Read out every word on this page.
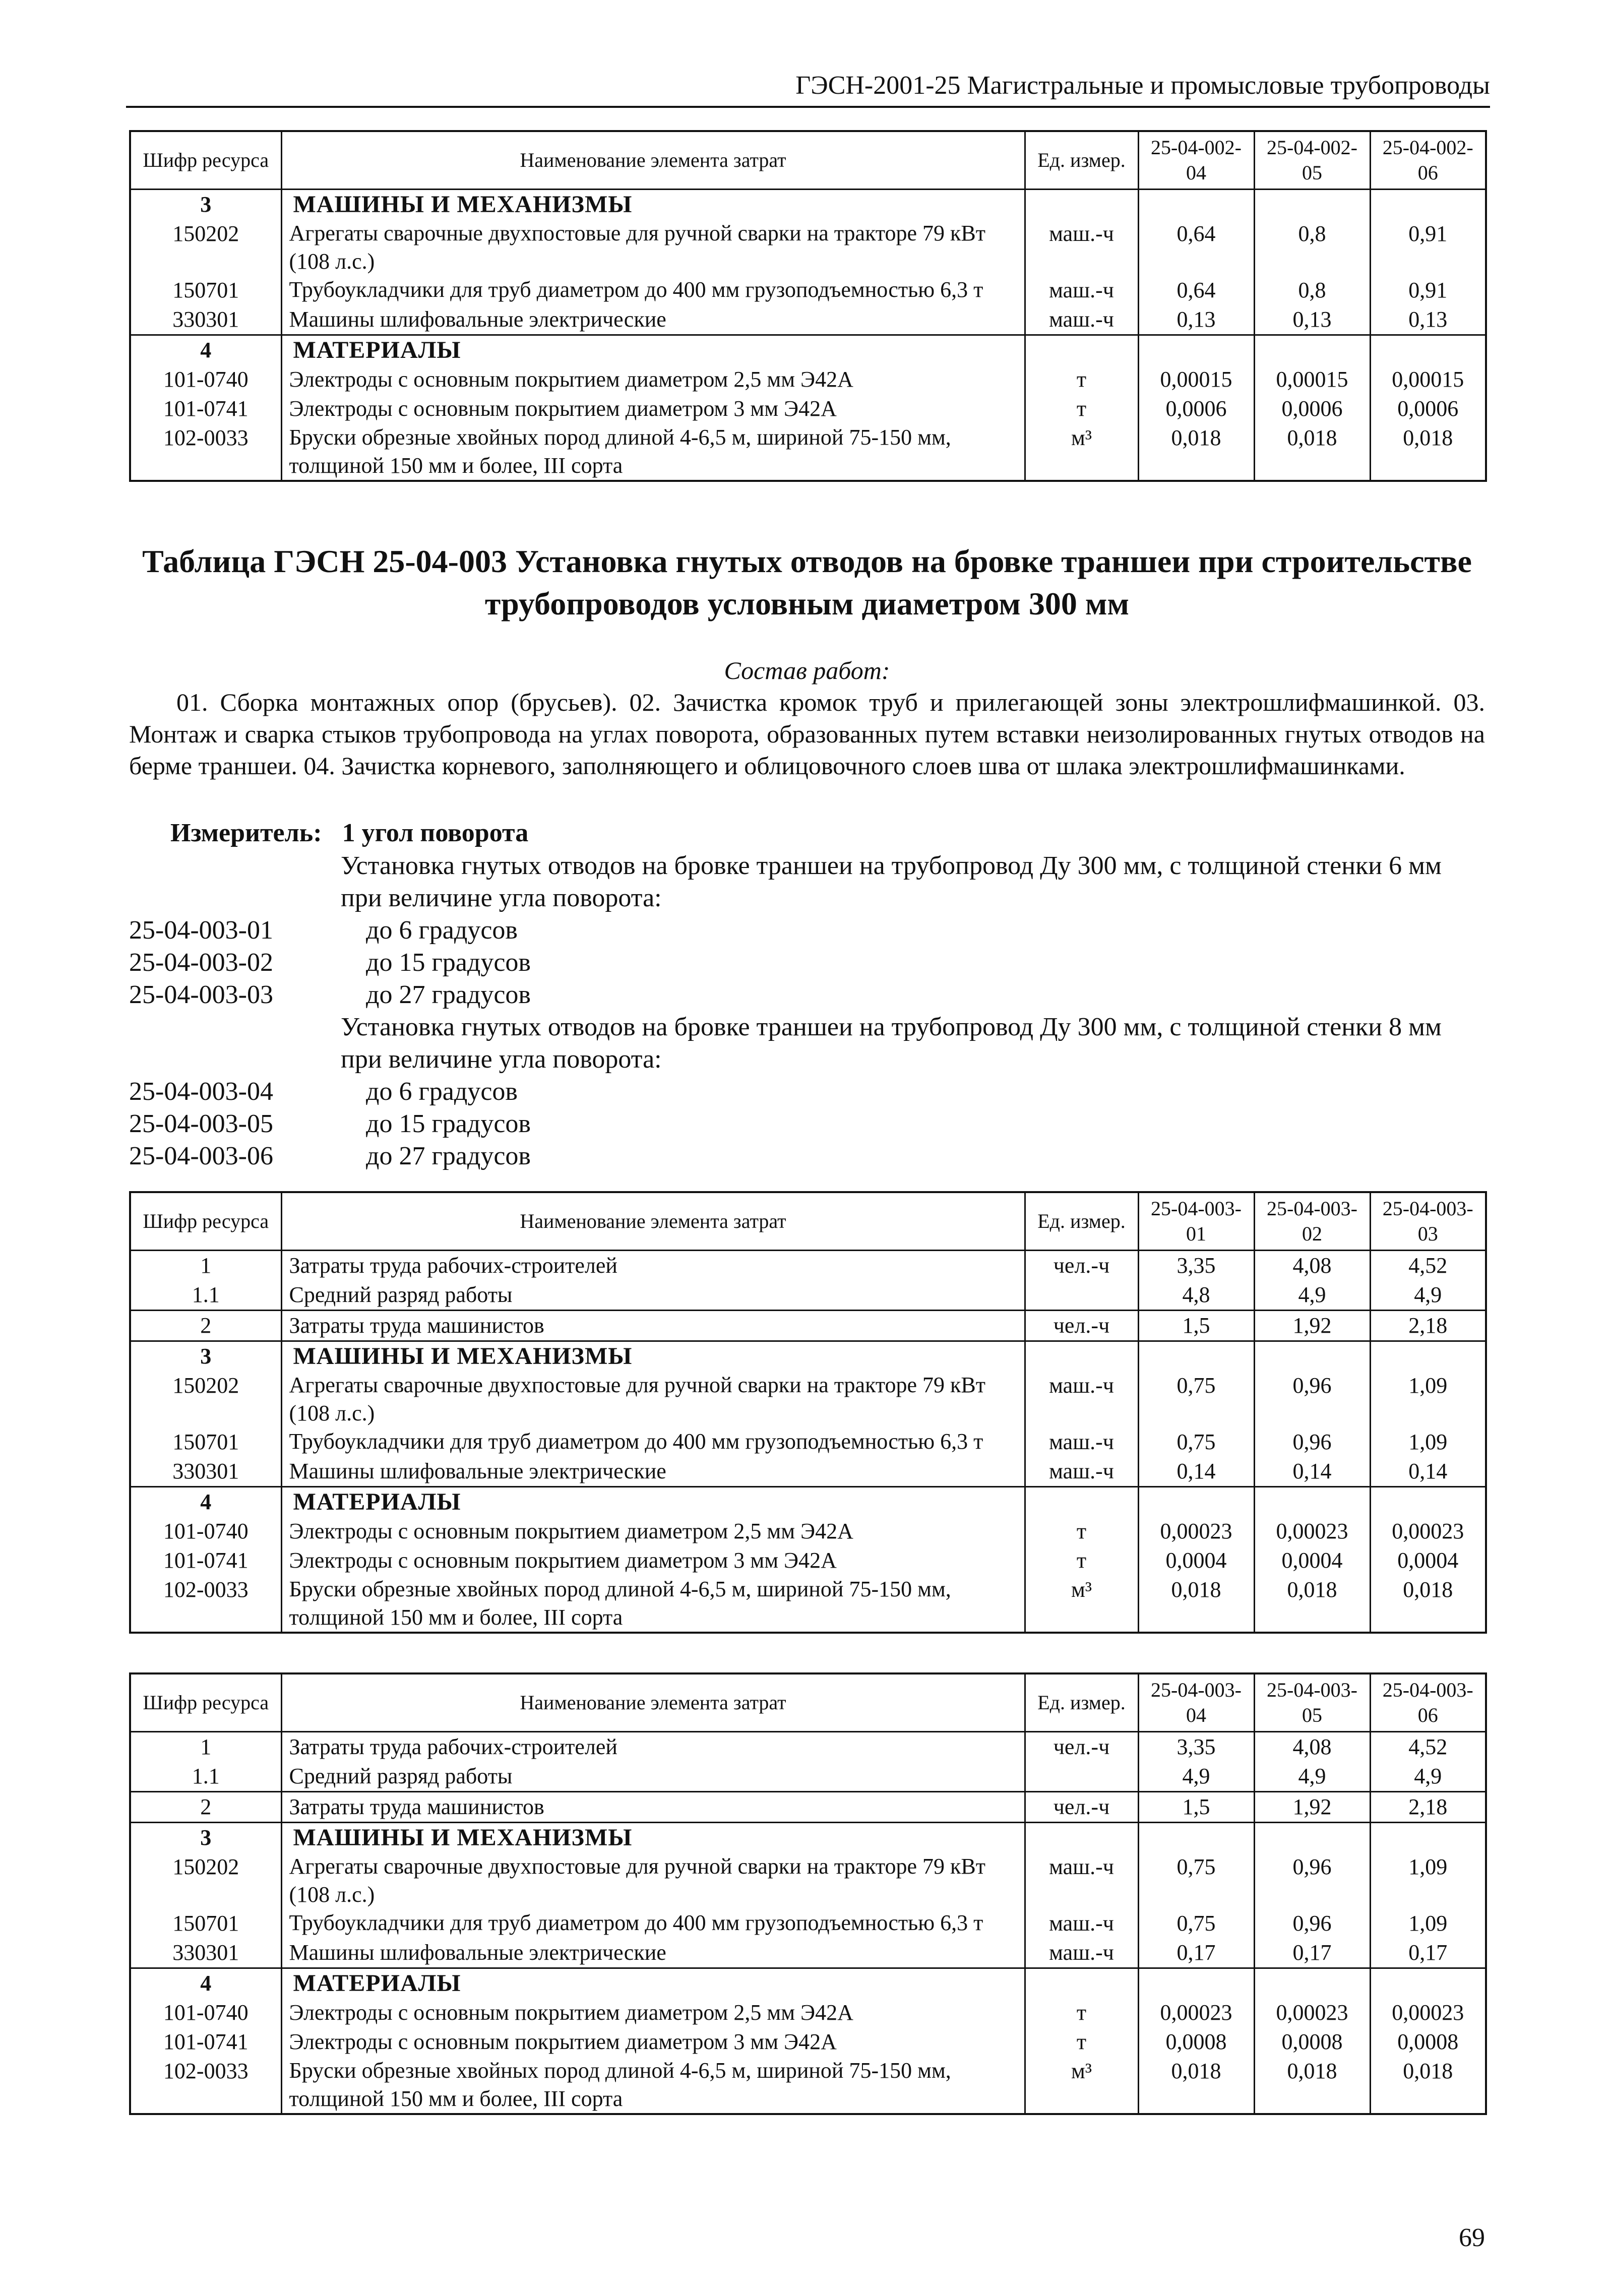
ГЭСН-2001-25 Магистральные и промысловые трубопроводы
Шифр ресурса	Наименование элемента затрат	Ед. измер.	25-04-002-04	25-04-002-05	25-04-002-06
3	МАШИНЫ И МЕХАНИЗМЫ				
150202	Агрегаты сварочные двухпостовые для ручной сварки на тракторе 79 кВт (108 л.с.)	маш.-ч	0,64	0,8	0,91
150701	Трубоукладчики для труб диаметром до 400 мм грузоподъемностью 6,3 т	маш.-ч	0,64	0,8	0,91
330301	Машины шлифовальные электрические	маш.-ч	0,13	0,13	0,13
4	МАТЕРИАЛЫ				
101-0740	Электроды с основным покрытием диаметром 2,5 мм Э42А	т	0,00015	0,00015	0,00015
101-0741	Электроды с основным покрытием диаметром 3 мм Э42А	т	0,0006	0,0006	0,0006
102-0033	Бруски обрезные хвойных пород длиной 4-6,5 м, шириной 75-150 мм, толщиной 150 мм и более, III сорта	м³	0,018	0,018	0,018
Таблица ГЭСН 25-04-003 Установка гнутых отводов на бровке траншеи при строительстве трубопроводов условным диаметром 300 мм
Состав работ:
01. Сборка монтажных опор (брусьев). 02. Зачистка кромок труб и прилегающей зоны электрошлифмашинкой. 03. Монтаж и сварка стыков трубопровода на углах поворота, образованных путем вставки неизолированных гнутых отводов на берме траншеи. 04. Зачистка корневого, заполняющего и облицовочного слоев шва от шлака электрошлифмашинками.
Измеритель: 1 угол поворота
Установка гнутых отводов на бровке траншеи на трубопровод Ду 300 мм, с толщиной стенки 6 мм при величине угла поворота:
25-04-003-01	до 6 градусов
25-04-003-02	до 15 градусов
25-04-003-03	до 27 градусов
Установка гнутых отводов на бровке траншеи на трубопровод Ду 300 мм, с толщиной стенки 8 мм при величине угла поворота:
25-04-003-04	до 6 градусов
25-04-003-05	до 15 градусов
25-04-003-06	до 27 градусов
Шифр ресурса	Наименование элемента затрат	Ед. измер.	25-04-003-01	25-04-003-02	25-04-003-03
1	Затраты труда рабочих-строителей	чел.-ч	3,35	4,08	4,52
1.1	Средний разряд работы		4,8	4,9	4,9
2	Затраты труда машинистов	чел.-ч	1,5	1,92	2,18
3	МАШИНЫ И МЕХАНИЗМЫ				
150202	Агрегаты сварочные двухпостовые для ручной сварки на тракторе 79 кВт (108 л.с.)	маш.-ч	0,75	0,96	1,09
150701	Трубоукладчики для труб диаметром до 400 мм грузоподъемностью 6,3 т	маш.-ч	0,75	0,96	1,09
330301	Машины шлифовальные электрические	маш.-ч	0,14	0,14	0,14
4	МАТЕРИАЛЫ				
101-0740	Электроды с основным покрытием диаметром 2,5 мм Э42А	т	0,00023	0,00023	0,00023
101-0741	Электроды с основным покрытием диаметром 3 мм Э42А	т	0,0004	0,0004	0,0004
102-0033	Бруски обрезные хвойных пород длиной 4-6,5 м, шириной 75-150 мм, толщиной 150 мм и более, III сорта	м³	0,018	0,018	0,018
Шифр ресурса	Наименование элемента затрат	Ед. измер.	25-04-003-04	25-04-003-05	25-04-003-06
1	Затраты труда рабочих-строителей	чел.-ч	3,35	4,08	4,52
1.1	Средний разряд работы		4,9	4,9	4,9
2	Затраты труда машинистов	чел.-ч	1,5	1,92	2,18
3	МАШИНЫ И МЕХАНИЗМЫ				
150202	Агрегаты сварочные двухпостовые для ручной сварки на тракторе 79 кВт (108 л.с.)	маш.-ч	0,75	0,96	1,09
150701	Трубоукладчики для труб диаметром до 400 мм грузоподъемностью 6,3 т	маш.-ч	0,75	0,96	1,09
330301	Машины шлифовальные электрические	маш.-ч	0,17	0,17	0,17
4	МАТЕРИАЛЫ				
101-0740	Электроды с основным покрытием диаметром 2,5 мм Э42А	т	0,00023	0,00023	0,00023
101-0741	Электроды с основным покрытием диаметром 3 мм Э42А	т	0,0008	0,0008	0,0008
102-0033	Бруски обрезные хвойных пород длиной 4-6,5 м, шириной 75-150 мм, толщиной 150 мм и более, III сорта	м³	0,018	0,018	0,018
69
